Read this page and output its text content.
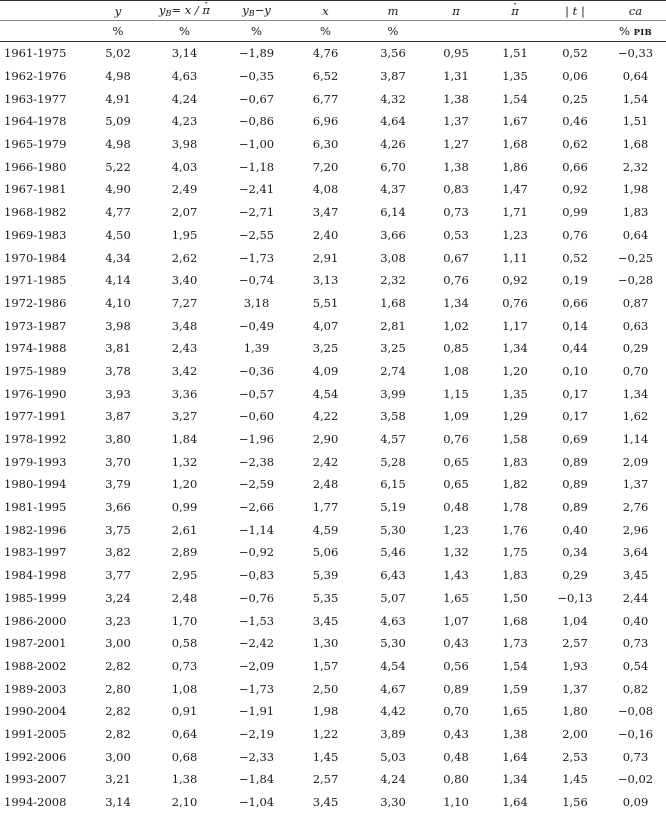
	y	$y_B= x$ / · π	$y_B-y$	x	m	π	· π	| t |	ca
	%	%	%	%	%				% PIB
1961-1975	5,02	3,14	−1,89	4,76	3,56	0,95	1,51	0,52	−0,33
1962-1976	4,98	4,63	−0,35	6,52	3,87	1,31	1,35	0,06	0,64
1963-1977	4,91	4,24	−0,67	6,77	4,32	1,38	1,54	0,25	1,54
1964-1978	5,09	4,23	−0,86	6,96	4,64	1,37	1,67	0,46	1,51
1965-1979	4,98	3,98	−1,00	6,30	4,26	1,27	1,68	0,62	1,68
1966-1980	5,22	4,03	−1,18	7,20	6,70	1,38	1,86	0,66	2,32
1967-1981	4,90	2,49	−2,41	4,08	4,37	0,83	1,47	0,92	1,98
1968-1982	4,77	2,07	−2,71	3,47	6,14	0,73	1,71	0,99	1,83
1969-1983	4,50	1,95	−2,55	2,40	3,66	0,53	1,23	0,76	0,64
1970-1984	4,34	2,62	−1,73	2,91	3,08	0,67	1,11	0,52	−0,25
1971-1985	4,14	3,40	−0,74	3,13	2,32	0,76	0,92	0,19	−0,28
1972-1986	4,10	7,27	3,18	5,51	1,68	1,34	0,76	0,66	0,87
1973-1987	3,98	3,48	−0,49	4,07	2,81	1,02	1,17	0,14	0,63
1974-1988	3,81	2,43	1,39	3,25	3,25	0,85	1,34	0,44	0,29
1975-1989	3,78	3,42	−0,36	4,09	2,74	1,08	1,20	0,10	0,70
1976-1990	3,93	3,36	−0,57	4,54	3,99	1,15	1,35	0,17	1,34
1977-1991	3,87	3,27	−0,60	4,22	3,58	1,09	1,29	0,17	1,62
1978-1992	3,80	1,84	−1,96	2,90	4,57	0,76	1,58	0,69	1,14
1979-1993	3,70	1,32	−2,38	2,42	5,28	0,65	1,83	0,89	2,09
1980-1994	3,79	1,20	−2,59	2,48	6,15	0,65	1,82	0,89	1,37
1981-1995	3,66	0,99	−2,66	1,77	5,19	0,48	1,78	0,89	2,76
1982-1996	3,75	2,61	−1,14	4,59	5,30	1,23	1,76	0,40	2,96
1983-1997	3,82	2,89	−0,92	5,06	5,46	1,32	1,75	0,34	3,64
1984-1998	3,77	2,95	−0,83	5,39	6,43	1,43	1,83	0,29	3,45
1985-1999	3,24	2,48	−0,76	5,35	5,07	1,65	1,50	−0,13	2,44
1986-2000	3,23	1,70	−1,53	3,45	4,63	1,07	1,68	1,04	0,40
1987-2001	3,00	0,58	−2,42	1,30	5,30	0,43	1,73	2,57	0,73
1988-2002	2,82	0,73	−2,09	1,57	4,54	0,56	1,54	1,93	0,54
1989-2003	2,80	1,08	−1,73	2,50	4,67	0,89	1,59	1,37	0,82
1990-2004	2,82	0,91	−1,91	1,98	4,42	0,70	1,65	1,80	−0,08
1991-2005	2,82	0,64	−2,19	1,22	3,89	0,43	1,38	2,00	−0,16
1992-2006	3,00	0,68	−2,33	1,45	5,03	0,48	1,64	2,53	0,73
1993-2007	3,21	1,38	−1,84	2,57	4,24	0,80	1,34	1,45	−0,02
1994-2008	3,14	2,10	−1,04	3,45	3,30	1,10	1,64	1,56	0,09
